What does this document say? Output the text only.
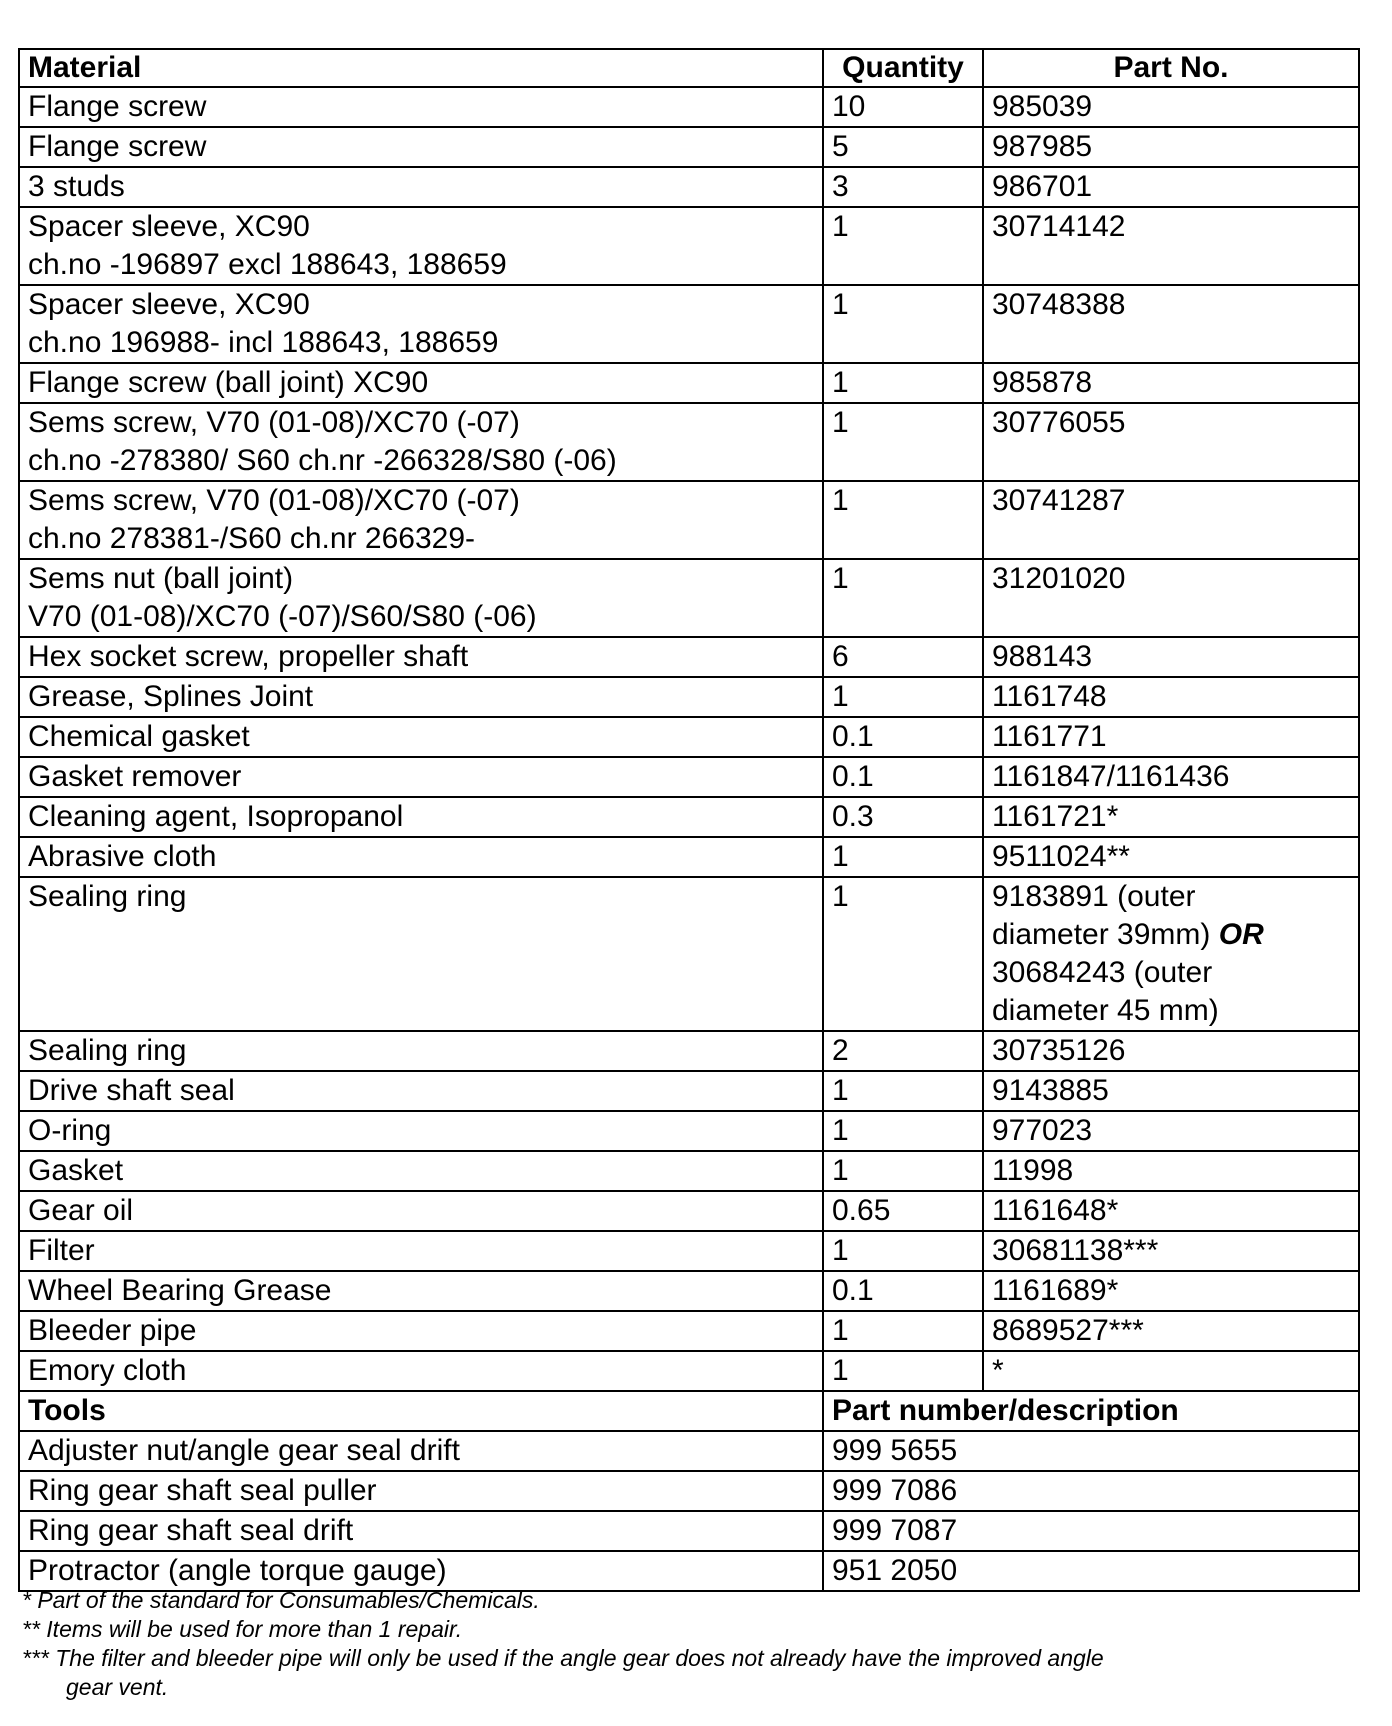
Material	Quantity	Part No.
Flange screw	10	985039
Flange screw	5	987985
3 studs	3	986701
Spacer sleeve, XC90
ch.no -196897 excl 188643, 188659	1	30714142
Spacer sleeve, XC90
ch.no 196988- incl 188643, 188659	1	30748388
Flange screw (ball joint) XC90	1	985878
Sems screw, V70 (01-08)/XC70 (-07)
ch.no -278380/ S60 ch.nr -266328/S80 (-06)	1	30776055
Sems screw, V70 (01-08)/XC70 (-07)
ch.no 278381-/S60 ch.nr 266329-	1	30741287
Sems nut (ball joint)
V70 (01-08)/XC70 (-07)/S60/S80 (-06)	1	31201020
Hex socket screw, propeller shaft	6	988143
Grease, Splines Joint	1	1161748
Chemical gasket	0.1	1161771
Gasket remover	0.1	1161847/1161436
Cleaning agent, Isopropanol	0.3	1161721*
Abrasive cloth	1	9511024**
Sealing ring	1	9183891 (outer
diameter 39mm) OR
30684243 (outer
diameter 45 mm)
Sealing ring	2	30735126
Drive shaft seal	1	9143885
O-ring	1	977023
Gasket	1	11998
Gear oil	0.65	1161648*
Filter	1	30681138***
Wheel Bearing Grease	0.1	1161689*
Bleeder pipe	1	8689527***
Emory cloth	1	*
Tools	Part number/description	
Adjuster nut/angle gear seal drift	999 5655	
Ring gear shaft seal puller	999 7086	
Ring gear shaft seal drift	999 7087	
Protractor (angle torque gauge)	951 2050	

* Part of the standard for Consumables/Chemicals.

** Items will be used for more than 1 repair.

*** The filter and bleeder pipe will only be used if the angle gear does not already have the improved angle

gear vent.
